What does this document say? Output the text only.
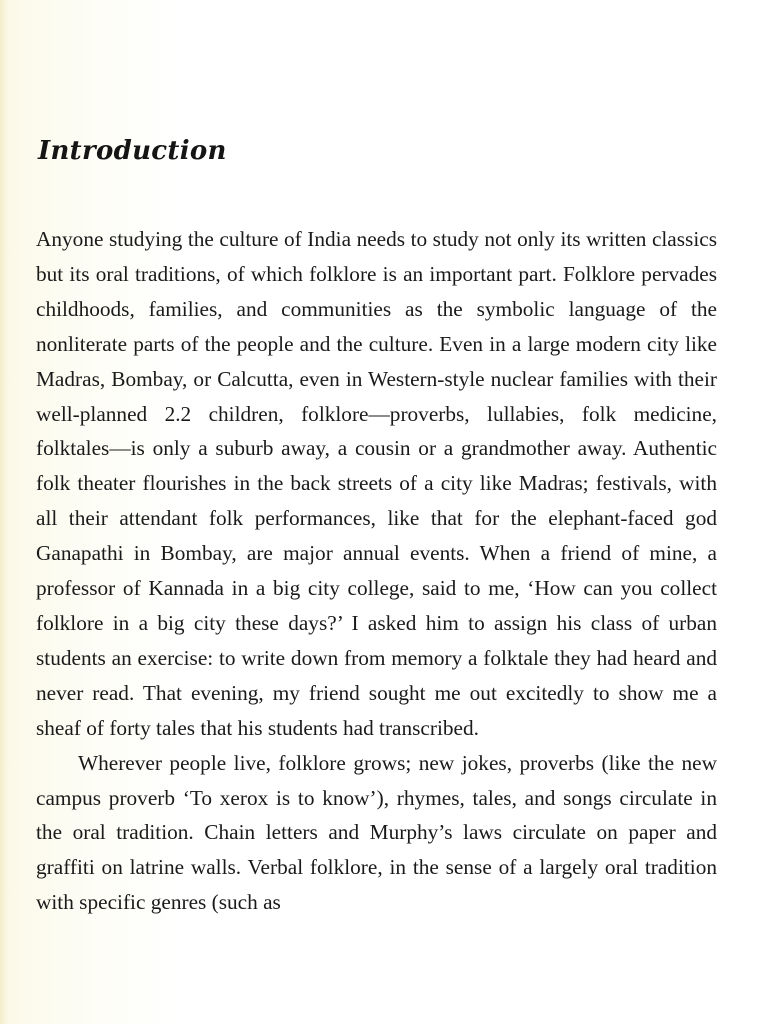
Introduction

Anyone studying the culture of India needs to study not only its written classics but its oral traditions, of which folklore is an important part. Folklore pervades childhoods, families, and communities as the symbolic language of the nonliterate parts of the people and the culture. Even in a large modern city like Madras, Bombay, or Calcutta, even in Western-style nuclear families with their well-planned 2.2 children, folklore—proverbs, lullabies, folk medicine, folktales—is only a suburb away, a cousin or a grandmother away. Authentic folk theater flourishes in the back streets of a city like Madras; festivals, with all their attendant folk performances, like that for the elephant-faced god Ganapathi in Bombay, are major annual events. When a friend of mine, a professor of Kannada in a big city college, said to me, ‘How can you collect folklore in a big city these days?’ I asked him to assign his class of urban students an exercise: to write down from memory a folktale they had heard and never read. That evening, my friend sought me out excitedly to show me a sheaf of forty tales that his students had transcribed.

Wherever people live, folklore grows; new jokes, proverbs (like the new campus proverb ‘To xerox is to know’), rhymes, tales, and songs circulate in the oral tradition. Chain letters and Murphy’s laws circulate on paper and graffiti on latrine walls. Verbal folklore, in the sense of a largely oral tradition with specific genres (such as
